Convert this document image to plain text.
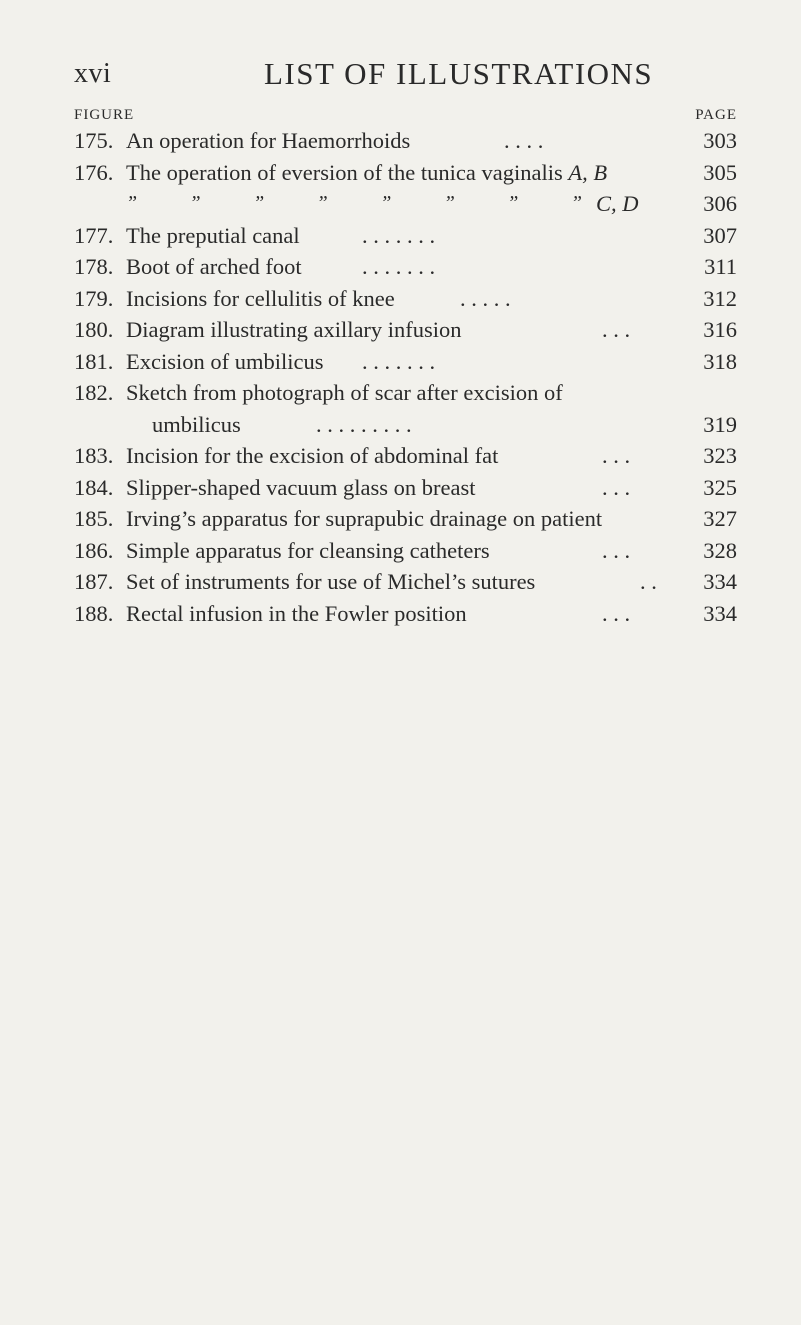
xvi	LIST OF ILLUSTRATIONS
FIGURE	PAGE
175. An operation for Haemorrhoids	. . . .	303
176. The operation of eversion of the tunica vaginalis A, B	305
”	”	”	”	”	”	”	” C, D	306
177. The preputial canal	. . . . . . .	307
178. Boot of arched foot	. . . . . . .	311
179. Incisions for cellulitis of knee	. . . . .	312
180. Diagram illustrating axillary infusion	. . .	316
181. Excision of umbilicus . . . . . . .	318
182. Sketch from photograph of scar after excision of
umbilicus	. . . . . . . . .	319
183. Incision for the excision of abdominal fat	. . .	323
184. Slipper-shaped vacuum glass on breast	. . .	325
185. Irving’s apparatus for suprapubic drainage on patient	327
186. Simple apparatus for cleansing catheters	. . .	328
187. Set of instruments for use of Michel’s sutures	. . 334
188. Rectal infusion in the Fowler position	. . .	334
